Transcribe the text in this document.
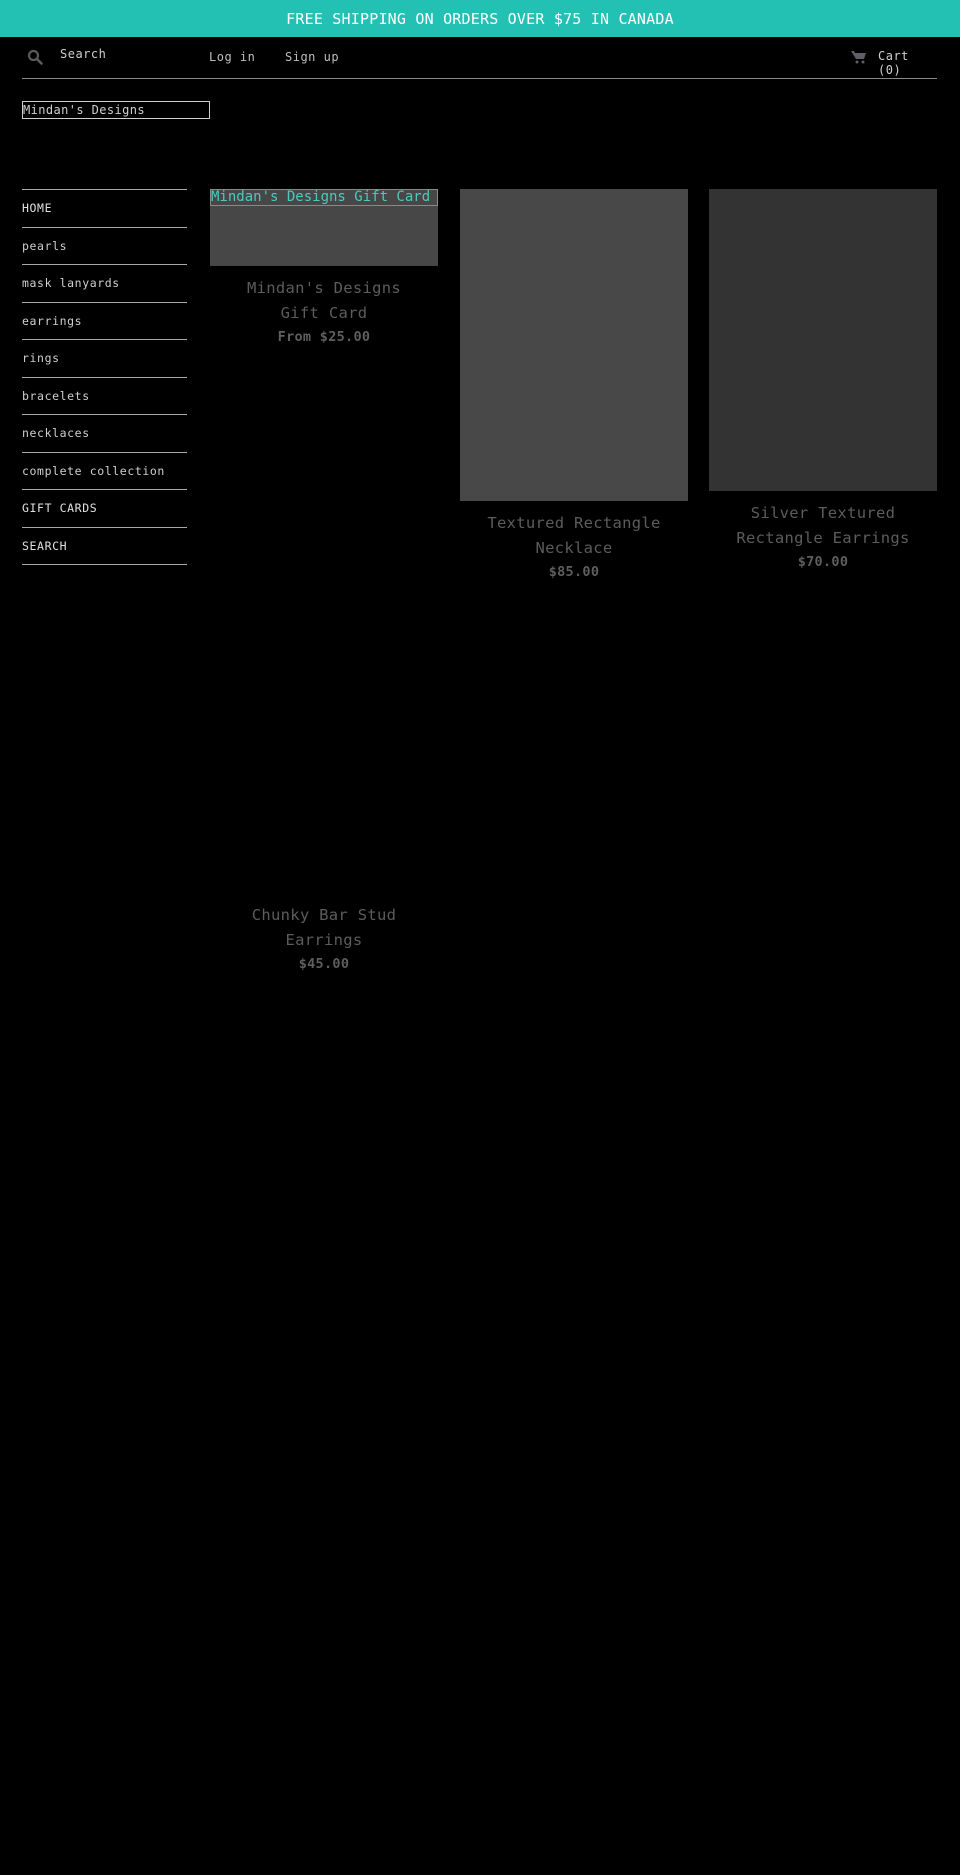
FREE SHIPPING ON ORDERS OVER $75 IN CANADA
Search	Log in Sign up	Cart (0)
Mindan's Designs
HOME
pearls
mask lanyards
earrings
rings
bracelets
necklaces
complete collection
GIFT CARDS
SEARCH
Mindan's Designs Gift Card
Mindan's Designs Gift Card
From $25.00
Textured Rectangle Necklace
$85.00
Silver Textured Rectangle Earrings
$70.00
Chunky Bar Stud Earrings
$45.00
